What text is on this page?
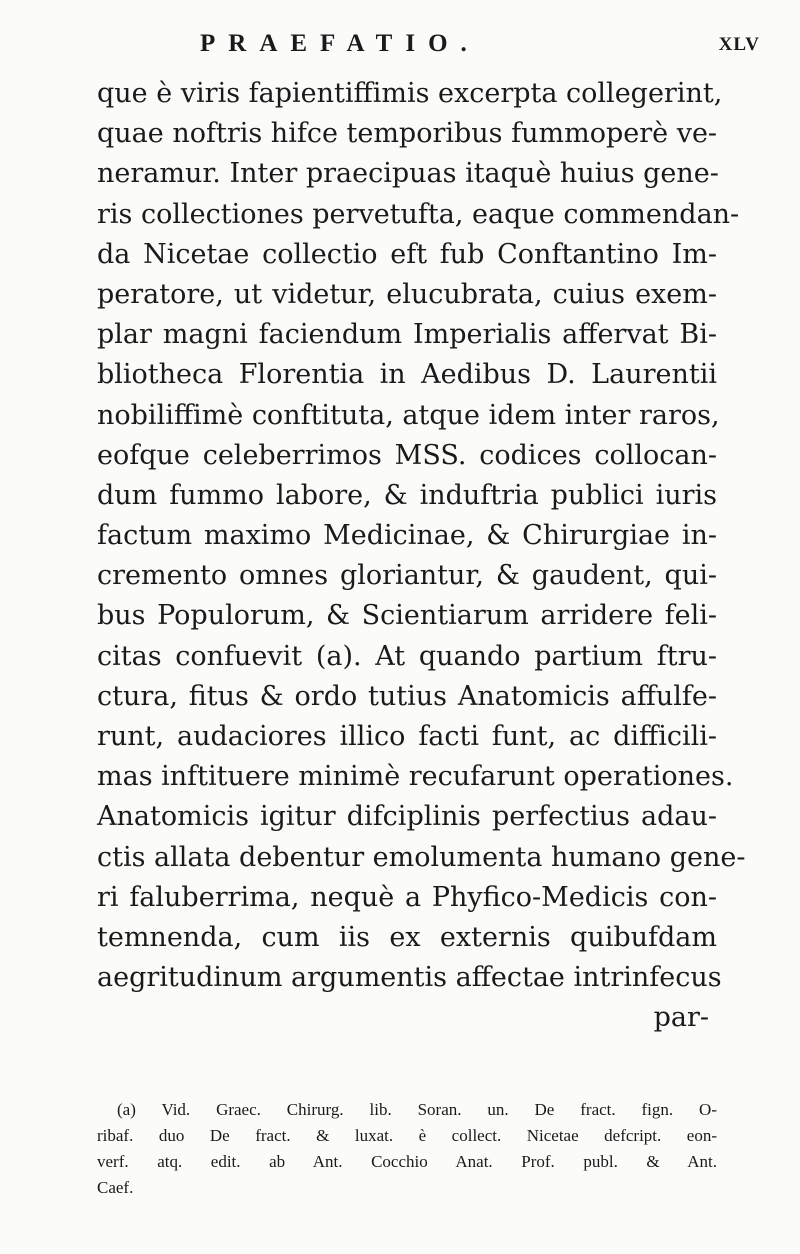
PRAEFATIO.	XLV
que è viris fapientiffimis excerpta collegerint,
quae noftris hifce temporibus fummoperè ve-
neramur. Inter praecipuas itaquè huius gene-
ris collectiones pervetufta, eaque commendan-
da Nicetae collectio eft fub Conftantino Im-
peratore, ut videtur, elucubrata, cuius exem-
plar magni faciendum Imperialis affervat Bi-
bliotheca Florentia in Aedibus D. Laurentii
nobiliffimè conftituta, atque idem inter raros,
eofque celeberrimos MSS. codices collocan-
dum fummo labore, & induftria publici iuris
factum maximo Medicinae, & Chirurgiae in-
cremento omnes gloriantur, & gaudent, qui-
bus Populorum, & Scientiarum arridere feli-
citas confuevit (a). At quando partium ftru-
ctura, fitus & ordo tutius Anatomicis affulfe-
runt, audaciores illico facti funt, ac difficili-
mas inftituere minimè recufarunt operationes.
Anatomicis igitur difciplinis perfectius adau-
ctis allata debentur emolumenta humano gene-
ri faluberrima, nequè a Phyfico-Medicis con-
temnenda, cum iis ex externis quibufdam
aegritudinum argumentis affectae intrinfecus
par-
(a) Vid. Graec. Chirurg. lib. Soran. un. De fract. fign. O-
ribaf. duo De fract. & luxat. è collect. Nicetae defcript. eon-
verf. atq. edit. ab Ant. Cocchio Anat. Prof. publ. & Ant.
Caef.
